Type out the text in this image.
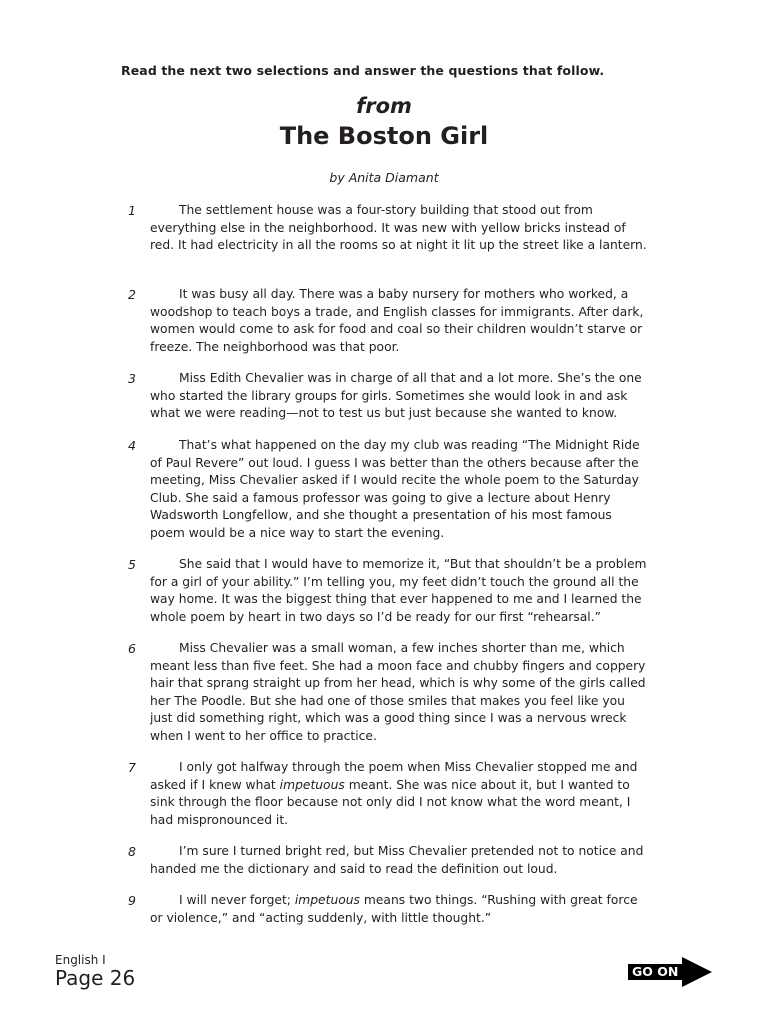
Read the next two selections and answer the questions that follow.
from
The Boston Girl
by Anita Diamant
1	The settlement house was a four-story building that stood out from everything else in the neighborhood. It was new with yellow bricks instead of red. It had electricity in all the rooms so at night it lit up the street like a lantern.

2	It was busy all day. There was a baby nursery for mothers who worked, a woodshop to teach boys a trade, and English classes for immigrants. After dark, women would come to ask for food and coal so their children wouldn’t starve or freeze. The neighborhood was that poor.

3	Miss Edith Chevalier was in charge of all that and a lot more. She’s the one who started the library groups for girls. Sometimes she would look in and ask what we were reading—not to test us but just because she wanted to know.

4	That’s what happened on the day my club was reading “The Midnight Ride of Paul Revere” out loud. I guess I was better than the others because after the meeting, Miss Chevalier asked if I would recite the whole poem to the Saturday Club. She said a famous professor was going to give a lecture about Henry Wadsworth Longfellow, and she thought a presentation of his most famous poem would be a nice way to start the evening.

5	She said that I would have to memorize it, “But that shouldn’t be a problem for a girl of your ability.” I’m telling you, my feet didn’t touch the ground all the way home. It was the biggest thing that ever happened to me and I learned the whole poem by heart in two days so I’d be ready for our first “rehearsal.”

6	Miss Chevalier was a small woman, a few inches shorter than me, which meant less than five feet. She had a moon face and chubby fingers and coppery hair that sprang straight up from her head, which is why some of the girls called her The Poodle. But she had one of those smiles that makes you feel like you just did something right, which was a good thing since I was a nervous wreck when I went to her office to practice.

7	I only got halfway through the poem when Miss Chevalier stopped me and asked if I knew what impetuous meant. She was nice about it, but I wanted to sink through the floor because not only did I not know what the word meant, I had mispronounced it.

8	I’m sure I turned bright red, but Miss Chevalier pretended not to notice and handed me the dictionary and said to read the definition out loud.

9	I will never forget; impetuous means two things. “Rushing with great force or violence,” and “acting suddenly, with little thought.”

English I
Page 26	GO ON
